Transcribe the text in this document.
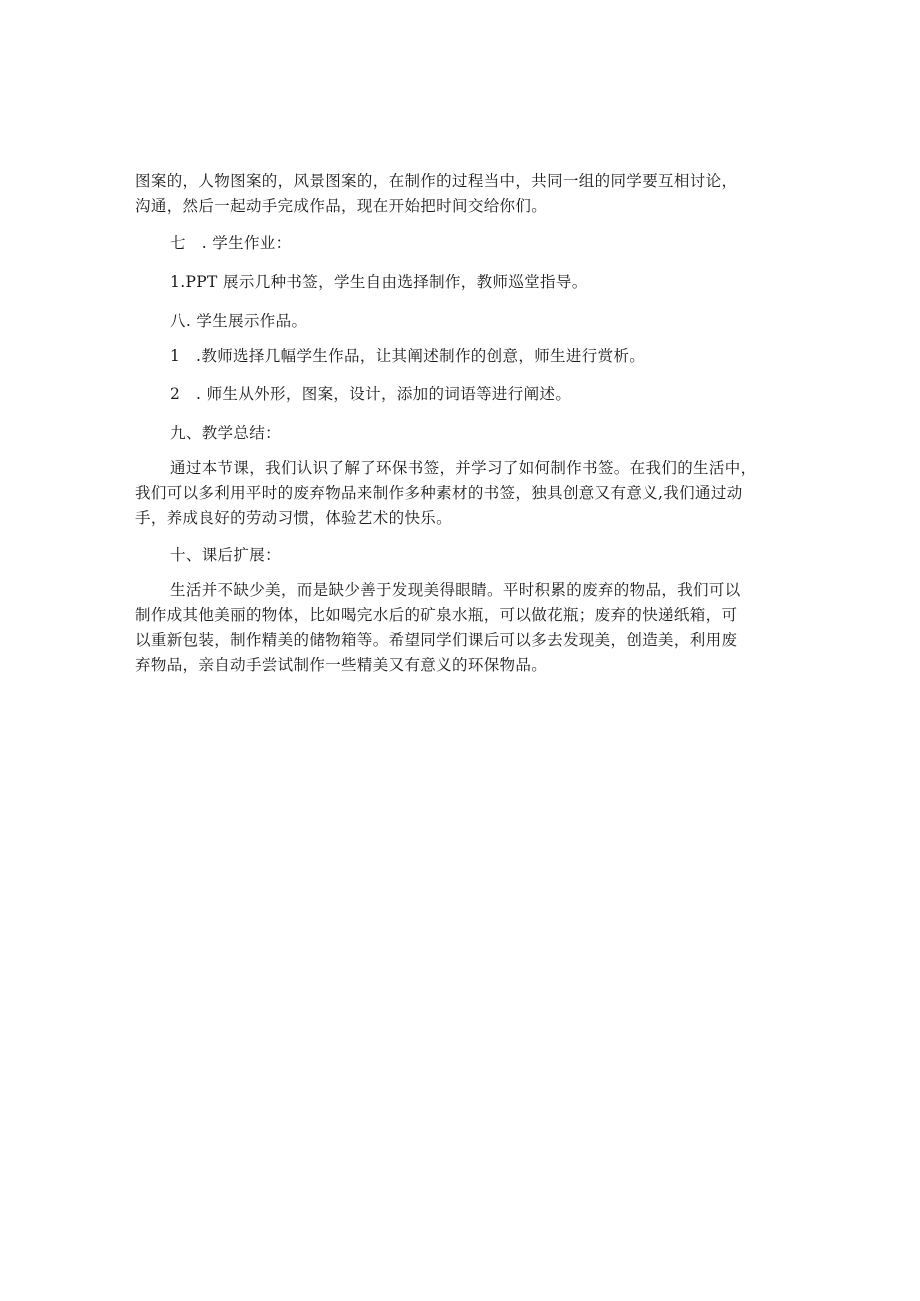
图案的，人物图案的，风景图案的，在制作的过程当中，共同一组的同学要互相讨论，
沟通，然后一起动手完成作品，现在开始把时间交给你们。
七　. 学生作业：
1.PPT 展示几种书签，学生自由选择制作，教师巡堂指导。
八. 学生展示作品。
1　.教师选择几幅学生作品，让其阐述制作的创意，师生进行赏析。
2　. 师生从外形，图案，设计，添加的词语等进行阐述。
九、教学总结：
通过本节课，我们认识了解了环保书签，并学习了如何制作书签。在我们的生活中，
我们可以多利用平时的废弃物品来制作多种素材的书签，独具创意又有意义,我们通过动
手，养成良好的劳动习惯，体验艺术的快乐。
十、课后扩展：
生活并不缺少美，而是缺少善于发现美得眼睛。平时积累的废弃的物品，我们可以
制作成其他美丽的物体，比如喝完水后的矿泉水瓶，可以做花瓶；废弃的快递纸箱，可
以重新包装，制作精美的储物箱等。希望同学们课后可以多去发现美，创造美，利用废
弃物品，亲自动手尝试制作一些精美又有意义的环保物品。
